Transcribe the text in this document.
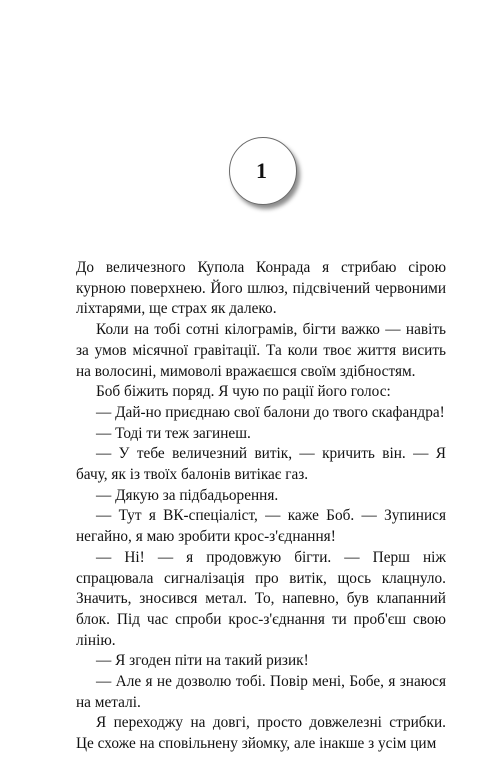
1

До величезного Купола Конрада я стрибаю сірою курною поверхнею. Його шлюз, підсвічений червоними ліхтарями, ще страх як далеко.

Коли на тобі сотні кілограмів, бігти важко — навіть за умов місячної гравітації. Та коли твоє життя висить на волосині, мимоволі вражаєшся своїм здібностям.

Боб біжить поряд. Я чую по рації його голос:

— Дай-но приєднаю свої балони до твого скафандра!

— Тоді ти теж загинеш.

— У тебе величезний витік, — кричить він. — Я бачу, як із твоїх балонів витікає газ.

— Дякую за підбадьорення.

— Тут я ВК-спеціаліст, — каже Боб. — Зупинися негайно, я маю зробити крос-з'єднання!

— Ні! — я продовжую бігти. — Перш ніж спрацювала сигналізація про витік, щось клацнуло. Значить, зносився метал. То, напевно, був клапанний блок. Під час спроби крос-з'єднання ти проб'єш свою лінію.

— Я згоден піти на такий ризик!

— Але я не дозволю тобі. Повір мені, Бобе, я знаюся на металі.

Я переходжу на довгі, просто довжелезні стрибки. Це схоже на сповільнену зйомку, але інакше з усім цим
